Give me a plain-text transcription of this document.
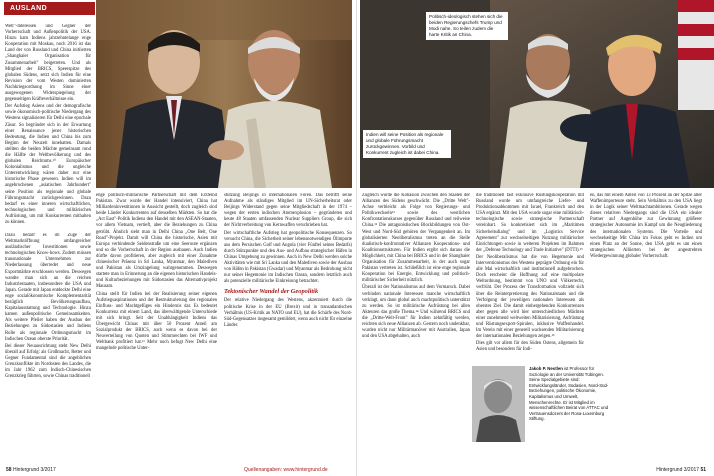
AUSLAND

Welt"-Interessen und Gegner der Vorherrschaft und Außenpolitik der USA. Hinzu kam Indiens jahrzehntelange enge Kooperation mit Moskau, noch 2016 ist das Land der von Russland und China initiierten „Shanghaier Organisation für Zusammenarbeit" beigetreten. Und als Mitglied der BRICS, Speerspitze des globalen Südens, setzt sich Indien für eine Revision der vom Westen dominierten Nachkriegsordnung im Sinne einer ausgewogenen Widerspiegelung der gegenseitigen Kräfteverhältnisse ein.

Der Aufstieg Asiens und der demografische sowie ökonomisch-politische Niedergang des Westens signalisieren für Delhi eine epochale Zäsur. So begründet sich in der Erwartung einer Renaissance jener historischen Bedeutung, die Indien und China bis zum Beginn der Neuzeit innehatten. Damals stellten die beiden Mächte gemeinsam rund die Hälfte der Weltbevölkerung und des globalen Reichtums.¹⁰ Europäischer Kolonialismus und die ungleiche Unterentwicklung wären daher nur eine historische Phase gewesen. Indien will im angebrochenen „asiatischen Jahrhundert" seine Position als regionale und globale Führungsmacht zurückgewinnen. Dazu bedarf es einer inneren wirtschaftlichen, technologischen und militärischen Aufrüstung, um mit Konkurrenten mithalten zu können.

Dazu bedarf es im Zuge der Weltmarktöffnung umfangreicher ausländischer Investitionen sowie technologischen Know-hows. Zudem müssen transnationale Unternehmen zur Niederlassung überredet und neue Exportmärkte erschlossen werden. Deswegen wandte man sich an die reichen Industriestaaten, insbesondere die USA und Japan. Gerade mit Japan entdeckte Delhi eine enge sozialökonomische Komplementarität bezüglich Bevölkerungsaufbau, Kapitalausstattung und Technologie. Hinzu kamen außenpolitische Gemeinsamkeiten. Als weitere Pfeiler haben der Ausbau der Beziehungen zu Südostasien und Indiens Rolle als regionale Ordnungsmacht im Indischen Ozean oberste Priorität.

Bei dieser Neuausrichtung steht New Delhi überall auf Erfolg: als Großmacht, Retter und Gegner Fundamental sind die angeblichen Grenzkonflikte im Nordosten des Landes, die im Jahr 1962 zum Indisch-Chinesischen Grenzkrieg führten, sowie Chinas traditionell

enge politisch-militärische Partnerschaft mit dem Erzfeind Pakistan. Zwar wurde der Handel intensiviert, China hat Milliardeninvestitionen in Aussicht gestellt, doch zugleich sind beide Länder Konkurrenten auf denselben Märkten. So hat die „Act East"-Politik Indiens den Handel mit den ASEAN-Staaten, vor allem Vietnam, vertieft, aber die Beziehungen zu China getrübt. Ähnlich sieht man in Delhi China „One Belt, One Road"-Projekt. Damit will China die historische, Asien mit Europa verbindende Seidenstraße um eine Seeroute ergänzen und so die Vorherrschaft in der Region ausbauen. Auch Indien dürfte davon profitieren, aber zugleich mit einer Zunahme chinesischer Präsenz in Sri Lanka, Myanmar, den Malediven und Pakistan als Umzingelung wahrgenommen. Deswegen startete man in Erinnerung an die eigenen historischen Handels- und Kulturbeziehungen mit Südostasien das Alternativprojekt Mausam.

China stellt für Indien bei der Realisierung seiner eigenen Aufstiegsaspirationen und der Restrukturierung des regionalen Einfluss- und Machtgefüges ein Hindernis dar. Es bedeutet Konkurrenz mit einem Land, das überwältigende Unterschiede mit sich bringt. Seit der Unabhängigkeit Indiens das Übergewicht Chinas mit über 50 Prozent Anteil am Sozialprodukt der BRICS, auch wenn es davon bei der Neuverteilung von Quoten und Stimmrechten bei IWF und Weltbank profitiert hat.¹¹ Mehr noch befugt New Delhi eine mangelnde politische Unter-

stützung Beijings in internationalen Foren. Das betrifft seine Aufnahme als ständiges Mitglied im UN-Sicherheitsrat oder Beijings Widerstand gegen seine Mitgliedschaft in der 1974 – wegen der ersten indischen Atomexplosion – gegründeten und heute 48 Staaten umfassenden Nuclear Suppliers Group, die sich der Nichtverbreitung von Kernwaffen verschrieben hat.

Der wirtschaftliche Aufstieg hat geopolitische Konsequenzen. So versucht China, die Sicherheit seiner lebensnotwendigen Ölimporte aus dem Persischen Golf und Angola (vier Fünftel seines Bedarfs) durch Stützpunkte und den Aus- und Aufbau strategischer Häfen in Chinas Umgebung zu gewinnen. Auch in New Delhi werden solche Aktivitäten wie mit Sri Lanka und den Malediven sowie der Ausbau von Häfen in Pakistan (Gwadar) und Myanmar als Bedrohung nicht nur seiner Hegemonie im Indischen Ozean, sondern letztlich auch als potenzielle militärische Einkreisung betrachtet.

Tektonischer Wandel der Geopolitik

Der relative Niedergang des Westens, akzentuiert durch die politische Krise in der EU (Brexit) und in transatlantischen Verhältnis (US-Kritik an NATO und EU), hat die Schärfe des Nord-Süd-Gegensatzes insgesamt gemildert, wenn auch nicht für einzelne Länder.

Politisch-ideologisch stehen sich die beiden Regierungschefs Trump und Modi nahe. So teilen zudem die harte Kritik an China.
Indien will seine Position als regionale und globale Führungsmacht zurückgewinnen. Vorbild und Konkurrent zugleich ist dabei China.

Zugleich wurde die Kohäsion zwischen den Staaten der Allianzen des Südens geschwächt. Die „Dritte Welt"-Achse verbleicht als Folge von Regierungs- und Politikwechseln¹² sowie des westlichen Konfrontationskurses gegenüber Russland und teilweise China.¹³ Die antagonistischen Blockbildungen von Ost-West und Nord-Süd gehören der Vergangenheit an. Im globalisierten Neoliberalismus treten an die Stelle dualistisch-konfrontativer Allianzen Kooperations- und Koalitionsstrukturen. Für Indien ergibt sich daraus die Möglichkeit, mit China bei BRICS und in der Shanghaier Organisation für Zusammenarbeit, in der auch sogar Pakistan vertreten ist. Schließlich ist eine enge regionale Kooperation bei Energie, Entwicklung und politisch-militärischer Sicherheit nützlich.

Überall ist der Nationalismus auf dem Vormarsch. Dabei verbinden nationale Interessen manche wirtschaftlich verklagt, um dann global auch machtpolitisch unterstützt zu werden. So ist militärische Aufrüstung bei allen Akteuren das große Thema.¹⁴ Und während BRICS und die „Dritte-Welt-Front" für Indien zehnfältig werden, reichten sich neue Allianzen ab. Gestern noch undenkbar, wurden nicht nur Militärmanöver mit Australien, Japan und den USA abgehalten, auch

die traditionell fast exklusive Rüstungskooperation mit Russland wurde um umfangreiche Liefer- und Produktionsabkommen mit Israel, Frankreich und den USA ergänzt. Mit den USA wurde sogar eine militärisch-technologische sowie strategische Partnerschaft vereinbart. So konkretisiert sich im „Maritimen Sicherheitsdialog" und im „Logistics Service Agreement" zur wechselseitigen Nutzung militärischer Einrichtungen sowie in weiteren Projekten im Rahmen der „Defense Technology and Trade Initiative" (DTTI).¹⁵

Der Neoliberalismus hat die von Hegemonie und Interventionismus des Westens geprägte Ordnung ein für alle Mal wirtschaftlich und institutionell aufgebrochen. Doch erscheint die Hoffnung auf eine multipolare Weltordnung, bestimmt von UNO und Völkerrecht, verfrüht. Der Prozess der Transformation vollzieht sich über die Reinterpretierung des Nationalstaats und die Verfolgung der jeweiligen nationalen Interessen als oberstes Ziel. Die damit einhergehenden Konkurrenzen aber gegen alle wird hier unterschiedlichen Mächten einer zunehmend weltweiten Militarisierung, Aufrüstung und Rüstungsexport-Spiralen, inklusive Waffenhandel. Im Verein mit einer generell wachsenden Militarisierung der internationalen Beziehungen zeigen.¹⁶

Dies gilt vor allem für den Süden Ostens, allgemein für Asien und besonders für Indi-

en, das mit einem Anteil von 13 Prozent an der Spitze aller Waffenimporteure steht. Sein Verhältnis zu den USA liegt in der Logik seiner Weltmachtambitionen. Gerade wegen dieses relativen Niedergangs sind die USA ein idealer Partner auf Augenhöhe zur Gewinnung größerer strategischer Autonomie im Kampf um die Neugliederung des internationalen Systems. Die Vorteile und wechselseitige Mit China im Fokus geht es Indien um einen Platz an der Sonne, den USA geht es um einen strategischen Alliierten bei der angestrebten Wiedergewinnung globaler Vorherrschaft.

Jakob P. Nestlen ist Professor für Soziologie an der Universität Tübingen. Seine Spezialgebiete sind: Entwicklungsländer, Südasien, Nord-Süd-Beziehungen, politische Ökonomie, Kapitalismus und Umwelt, Menschenrechte. Er ist Mitglied im wissenschaftlichen Beirat von ATTAC und Vertrauensdozent der Rosa-Luxemburg Stiftung.
58 Hintergrund 3/2017	Quellenangaben: www.hintergrund.de	Hintergrund 3/2017 51
